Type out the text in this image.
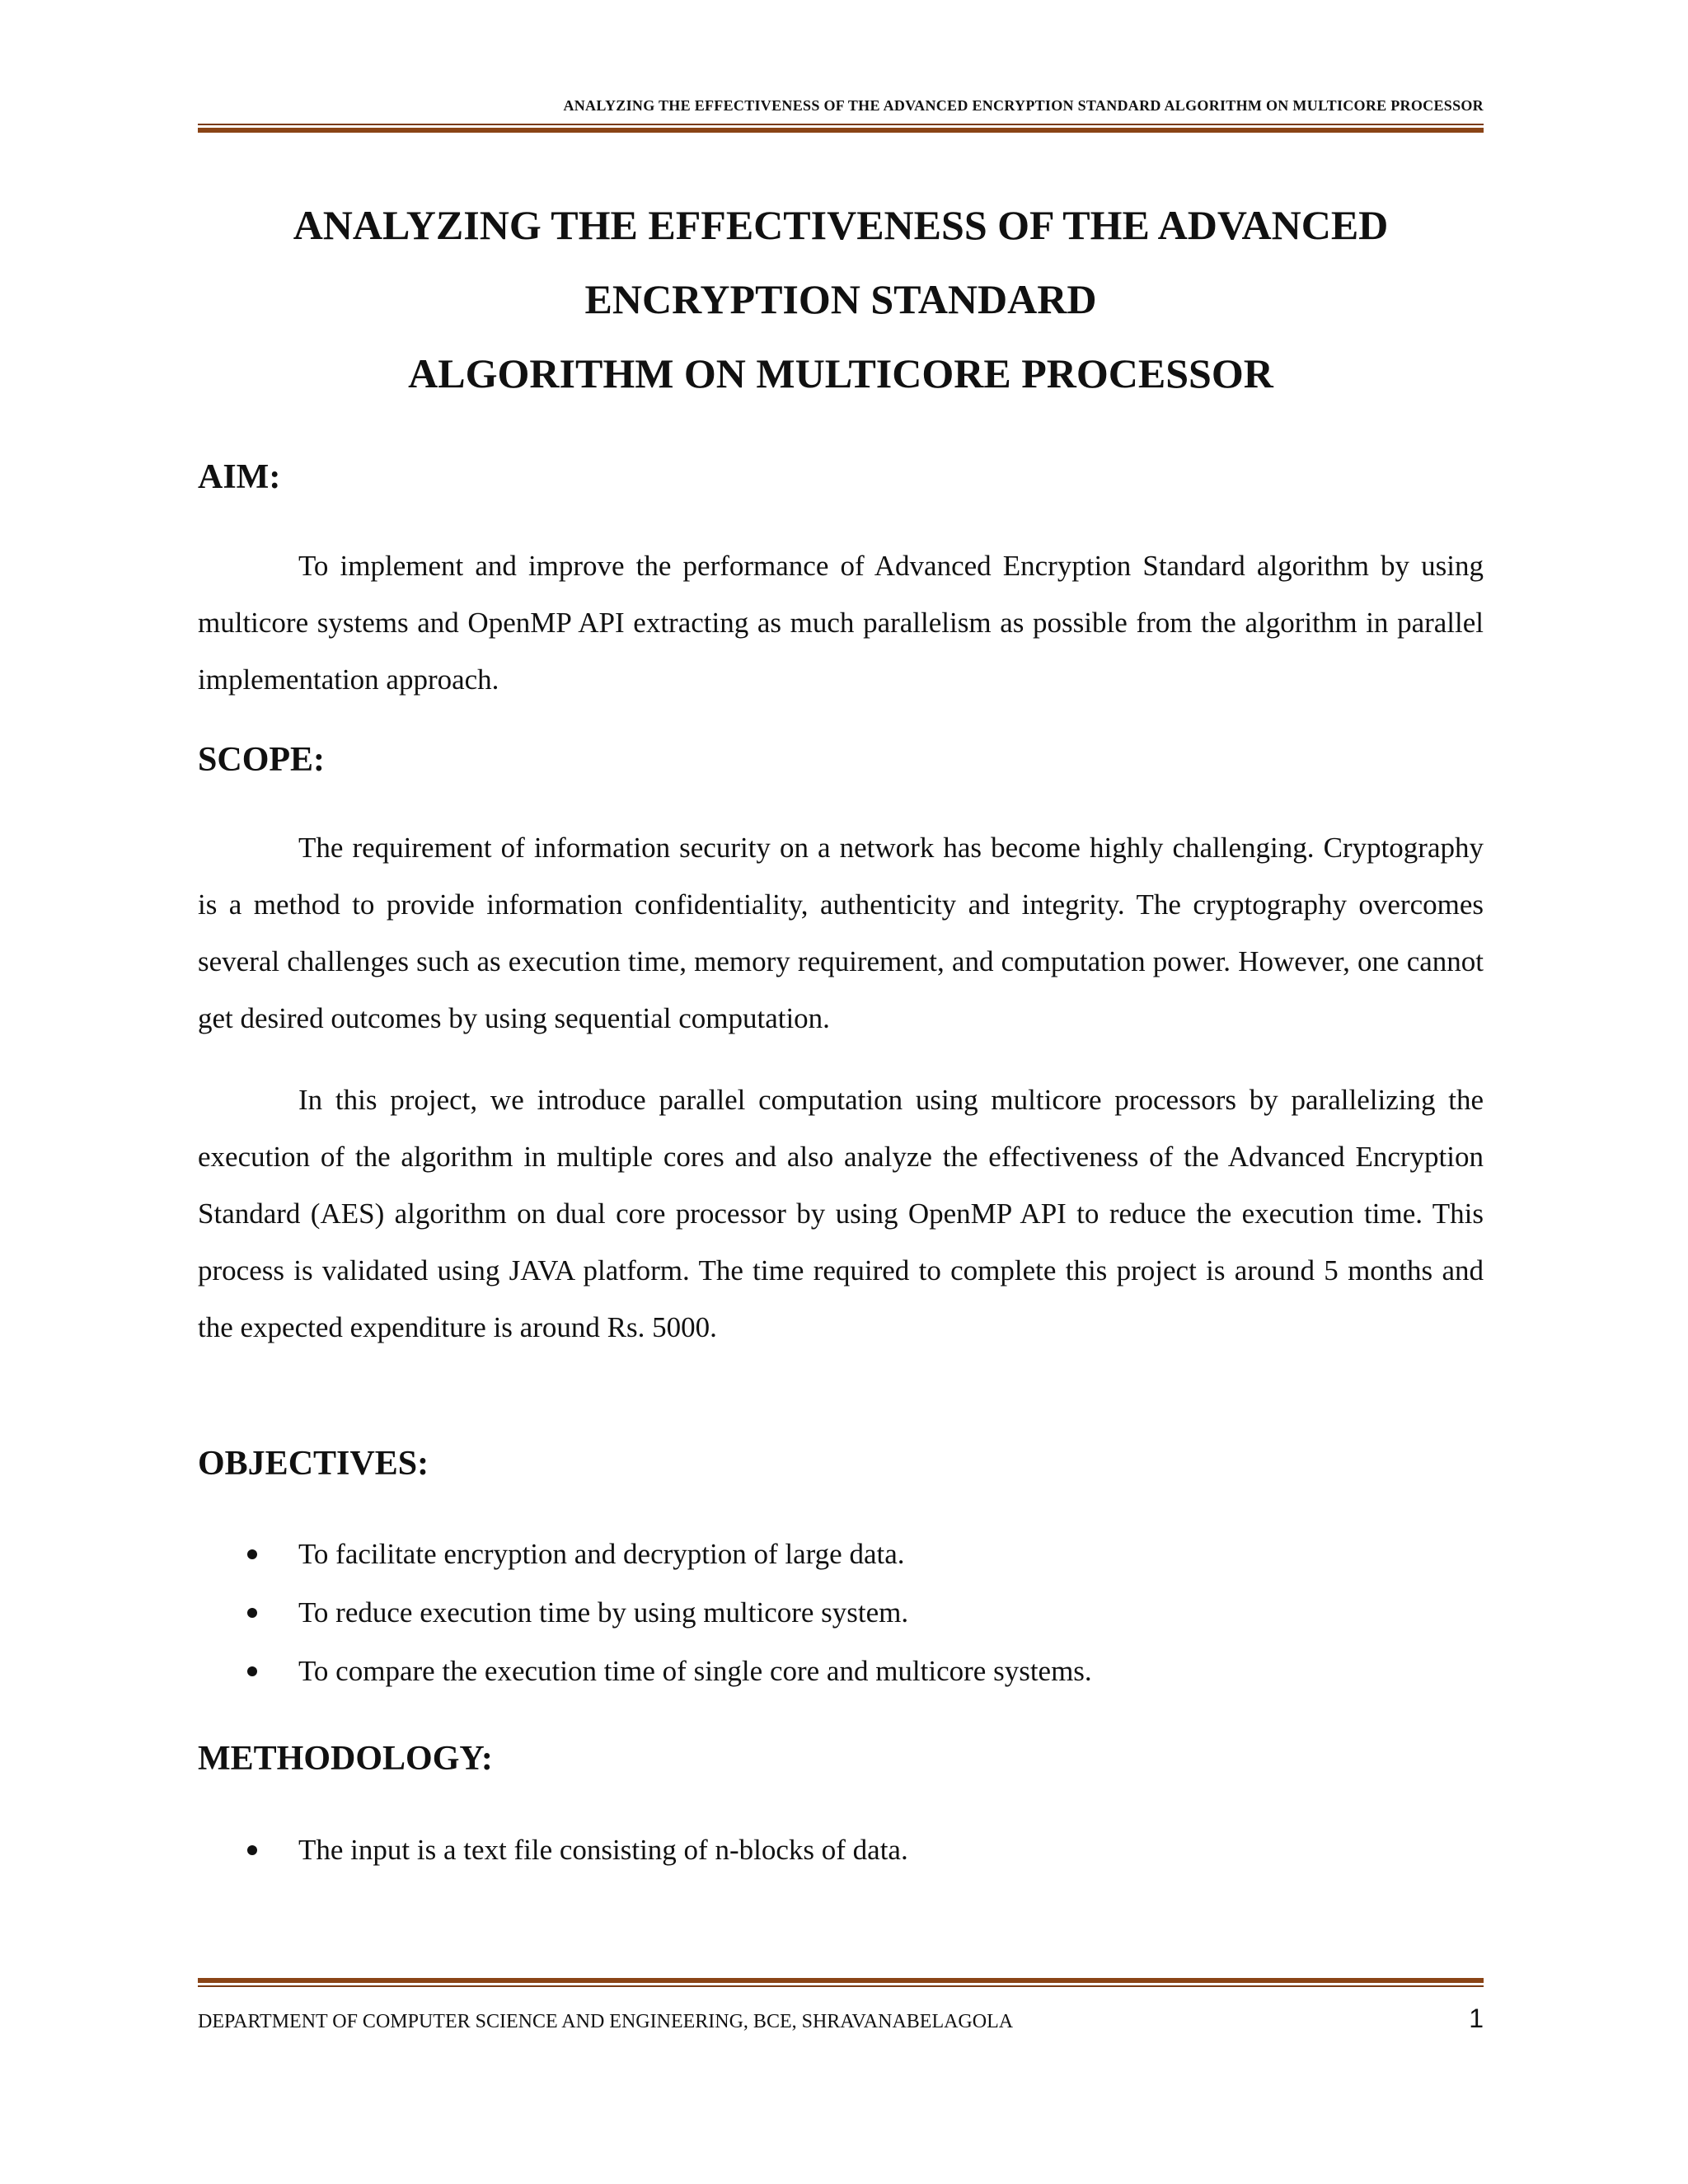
ANALYZING THE EFFECTIVENESS OF THE ADVANCED ENCRYPTION STANDARD ALGORITHM ON MULTICORE PROCESSOR
ANALYZING THE EFFECTIVENESS OF THE ADVANCED
ENCRYPTION STANDARD
ALGORITHM ON MULTICORE PROCESSOR
AIM:

To implement and improve the performance of Advanced Encryption Standard algorithm by using multicore systems and OpenMP API extracting as much parallelism as possible from the algorithm in parallel implementation approach.

SCOPE:

The requirement of information security on a network has become highly challenging. Cryptography is a method to provide information confidentiality, authenticity and integrity. The cryptography overcomes several challenges such as execution time, memory requirement, and computation power. However, one cannot get desired outcomes by using sequential computation.

In this project, we introduce parallel computation using multicore processors by parallelizing the execution of the algorithm in multiple cores and also analyze the effectiveness of the Advanced Encryption Standard (AES) algorithm on dual core processor by using OpenMP API to reduce the execution time. This process is validated using JAVA platform. The time required to complete this project is around 5 months and the expected expenditure is around Rs. 5000.

OBJECTIVES:
To facilitate encryption and decryption of large data.
To reduce execution time by using multicore system.
To compare the execution time of single core and multicore systems.
METHODOLOGY:
The input is a text file consisting of n-blocks of data.
DEPARTMENT OF COMPUTER SCIENCE AND ENGINEERING, BCE, SHRAVANABELAGOLA	1
